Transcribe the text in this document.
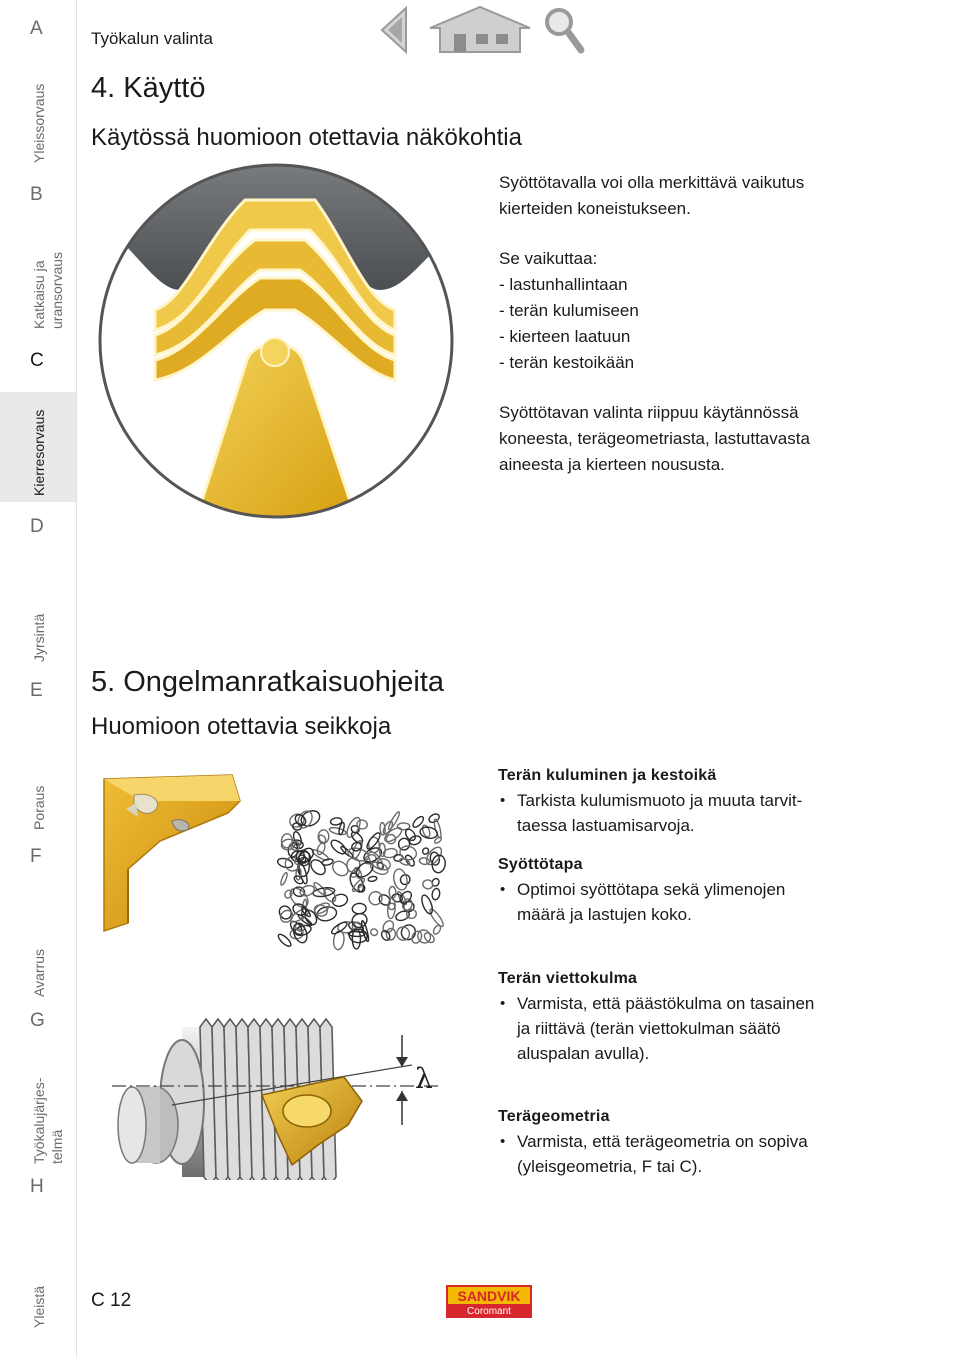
A
Yleissorvaus
B
Katkaisu ja uransorvaus
C
Kierresorvaus
D
Jyrsintä
E
Poraus
F
Avarrus
G
Työkalujärjes- telmä
H
Yleistä
Työkalun valinta
4. Käyttö
Käytössä huomioon otettavia näkökohtia

Syöttötavalla voi olla merkittävä vaikutus

kierteiden koneistukseen.

Se vaikuttaa:

- lastunhallintaan

- terän kulumiseen

- kierteen laatuun

- terän kestoikään

Syöttötavan valinta riippuu käytännössä

koneesta, terägeometriasta, lastuttavasta

aineesta ja kierteen noususta.

5. Ongelmanratkaisuohjeita
Huomioon otettavia seikkoja
λ
Terän kuluminen ja kestoikä
• Tarkista kulumismuoto ja muuta tarvit-
taessa lastuamisarvoja.
Syöttötapa
• Optimoi syöttötapa sekä ylimenojen
määrä ja lastujen koko.
Terän viettokulma
• Varmista, että päästökulma on tasainen
ja riittävä (terän viettokulman säätö
aluspalan avulla).
Terägeometria
• Varmista, että terägeometria on sopiva
(yleisgeometria, F tai C).
C 12	SANDVIK
Coromant
